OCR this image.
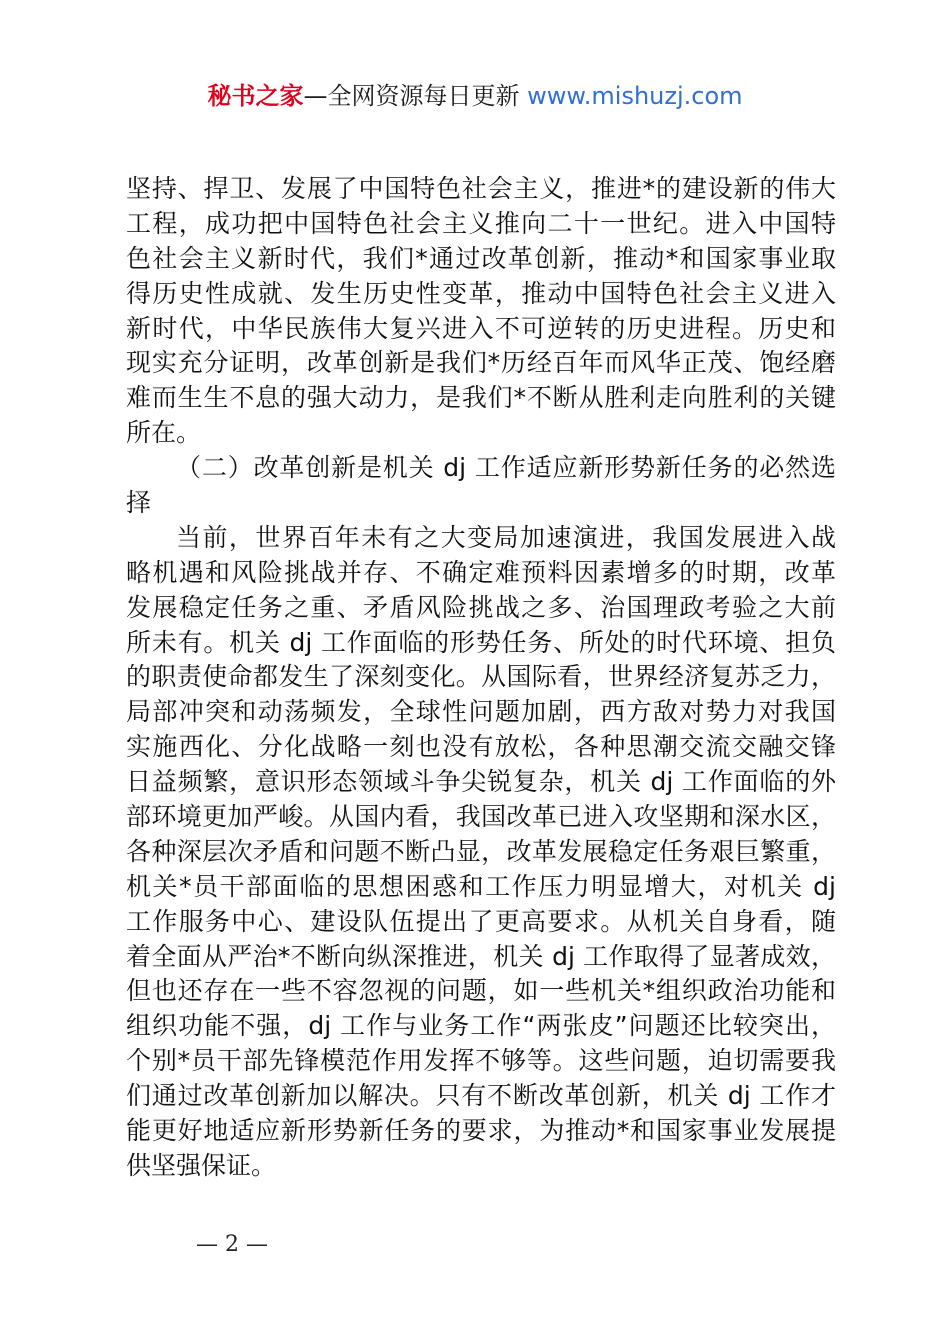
秘书之家—全网资源每日更新 www.mishuzj.com
坚持、捍卫、发展了中国特色社会主义，推进*的建设新的伟大
工程，成功把中国特色社会主义推向二十一世纪。进入中国特
色社会主义新时代，我们*通过改革创新，推动*和国家事业取
得历史性成就、发生历史性变革，推动中国特色社会主义进入
新时代，中华民族伟大复兴进入不可逆转的历史进程。历史和
现实充分证明，改革创新是我们*历经百年而风华正茂、饱经磨
难而生生不息的强大动力，是我们*不断从胜利走向胜利的关键
所在。
（二）改革创新是机关 dj 工作适应新形势新任务的必然选
择
当前，世界百年未有之大变局加速演进，我国发展进入战
略机遇和风险挑战并存、不确定难预料因素增多的时期，改革
发展稳定任务之重、矛盾风险挑战之多、治国理政考验之大前
所未有。机关 dj 工作面临的形势任务、所处的时代环境、担负
的职责使命都发生了深刻变化。从国际看，世界经济复苏乏力，
局部冲突和动荡频发，全球性问题加剧，西方敌对势力对我国
实施西化、分化战略一刻也没有放松，各种思潮交流交融交锋
日益频繁，意识形态领域斗争尖锐复杂，机关 dj 工作面临的外
部环境更加严峻。从国内看，我国改革已进入攻坚期和深水区，
各种深层次矛盾和问题不断凸显，改革发展稳定任务艰巨繁重，
机关*员干部面临的思想困惑和工作压力明显增大，对机关 dj
工作服务中心、建设队伍提出了更高要求。从机关自身看，随
着全面从严治*不断向纵深推进，机关 dj 工作取得了显著成效，
但也还存在一些不容忽视的问题，如一些机关*组织政治功能和
组织功能不强，dj 工作与业务工作“两张皮”问题还比较突出，
个别*员干部先锋模范作用发挥不够等。这些问题，迫切需要我
们通过改革创新加以解决。只有不断改革创新，机关 dj 工作才
能更好地适应新形势新任务的要求，为推动*和国家事业发展提
供坚强保证。
— 2 —
